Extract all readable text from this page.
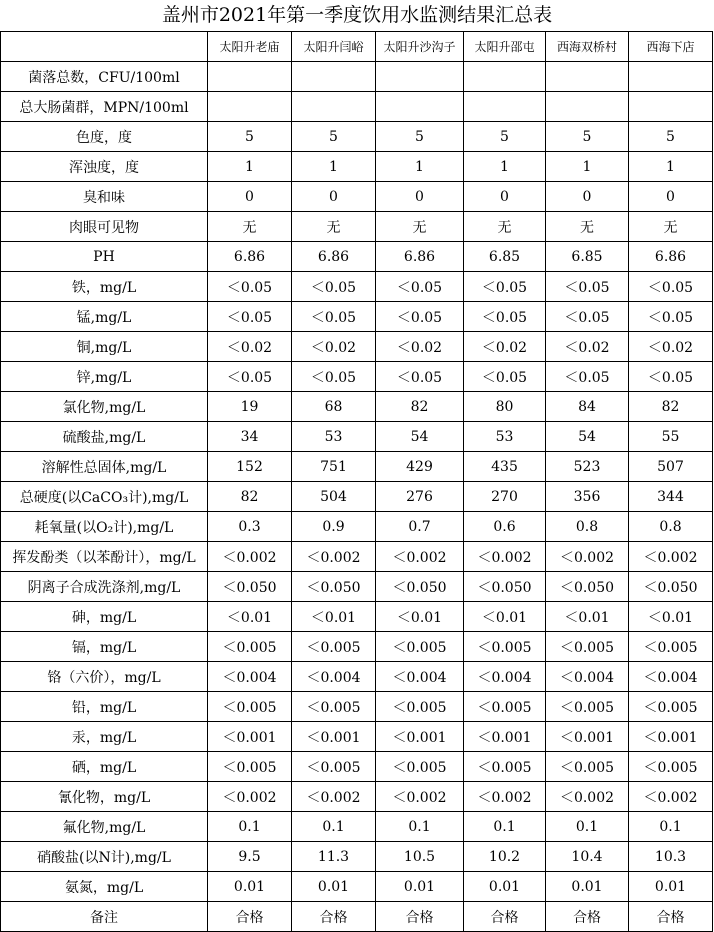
盖州市2021年第一季度饮用水监测结果汇总表
	太阳升老庙	太阳升闫峪	太阳升沙沟子	太阳升邵屯	西海双桥村	西海下店
菌落总数，CFU/100ml						
总大肠菌群，MPN/100ml						
色度，度	5	5	5	5	5	5
浑浊度，度	1	1	1	1	1	1
臭和味	0	0	0	0	0	0
肉眼可见物	无	无	无	无	无	无
PH	6.86	6.86	6.86	6.85	6.85	6.86
铁，mg/L	＜0.05	＜0.05	＜0.05	＜0.05	＜0.05	＜0.05
锰,mg/L	＜0.05	＜0.05	＜0.05	＜0.05	＜0.05	＜0.05
铜,mg/L	＜0.02	＜0.02	＜0.02	＜0.02	＜0.02	＜0.02
锌,mg/L	＜0.05	＜0.05	＜0.05	＜0.05	＜0.05	＜0.05
氯化物,mg/L	19	68	82	80	84	82
硫酸盐,mg/L	34	53	54	53	54	55
溶解性总固体,mg/L	152	751	429	435	523	507
总硬度(以CaCO₃计),mg/L	82	504	276	270	356	344
耗氧量(以O₂计),mg/L	0.3	0.9	0.7	0.6	0.8	0.8
挥发酚类（以苯酚计），mg/L	＜0.002	＜0.002	＜0.002	＜0.002	＜0.002	＜0.002
阴离子合成洗涤剂,mg/L	＜0.050	＜0.050	＜0.050	＜0.050	＜0.050	＜0.050
砷，mg/L	＜0.01	＜0.01	＜0.01	＜0.01	＜0.01	＜0.01
镉，mg/L	＜0.005	＜0.005	＜0.005	＜0.005	＜0.005	＜0.005
铬（六价），mg/L	＜0.004	＜0.004	＜0.004	＜0.004	＜0.004	＜0.004
铅，mg/L	＜0.005	＜0.005	＜0.005	＜0.005	＜0.005	＜0.005
汞，mg/L	＜0.001	＜0.001	＜0.001	＜0.001	＜0.001	＜0.001
硒，mg/L	＜0.005	＜0.005	＜0.005	＜0.005	＜0.005	＜0.005
氰化物，mg/L	＜0.002	＜0.002	＜0.002	＜0.002	＜0.002	＜0.002
氟化物,mg/L	0.1	0.1	0.1	0.1	0.1	0.1
硝酸盐(以N计),mg/L	9.5	11.3	10.5	10.2	10.4	10.3
氨氮，mg/L	0.01	0.01	0.01	0.01	0.01	0.01
备注	合格	合格	合格	合格	合格	合格
